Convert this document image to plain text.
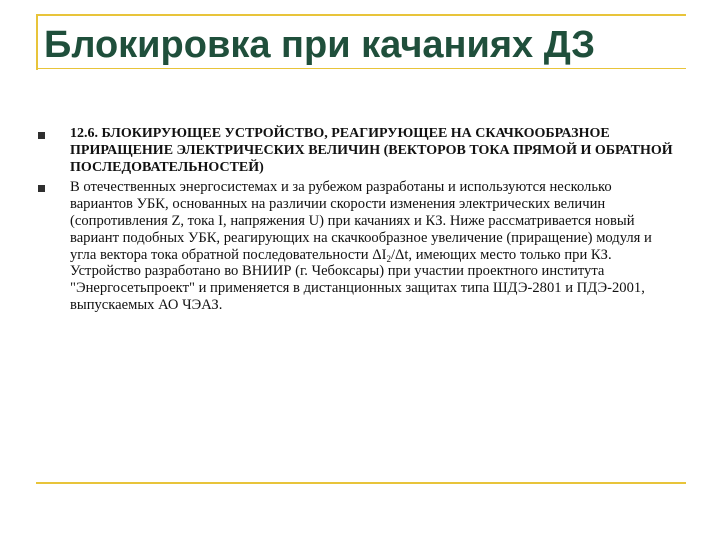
Блокировка при качаниях ДЗ
12.6. БЛОКИРУЮЩЕЕ УСТРОЙСТВО, РЕАГИРУЮЩЕЕ НА СКАЧКООБРАЗНОЕ ПРИРАЩЕНИЕ ЭЛЕКТРИЧЕСКИХ ВЕЛИЧИН (ВЕКТОРОВ ТОКА ПРЯМОЙ И ОБРАТНОЙ ПОСЛЕДОВАТЕЛЬНОСТЕЙ)
В отечественных энергосистемах и за рубежом разработаны и используются несколько вариантов УБК, основанных на различии скорости изменения электрических величин (сопротивления Z, тока I, напряжения U) при качаниях и КЗ. Ниже рассматривается новый вариант подобных УБК, реагирующих на скачкообразное увеличение (приращение) модуля и угла вектора тока обратной последовательности $\Delta I_2/\Delta t$, имеющих место только при КЗ. Устройство разработано во ВНИИР (г. Чебоксары) при участии проектного института "Энергосетьпроект" и применяется в дистанционных защитах типа ШДЭ-2801 и ПДЭ-2001, выпускаемых АО ЧЭАЗ.
